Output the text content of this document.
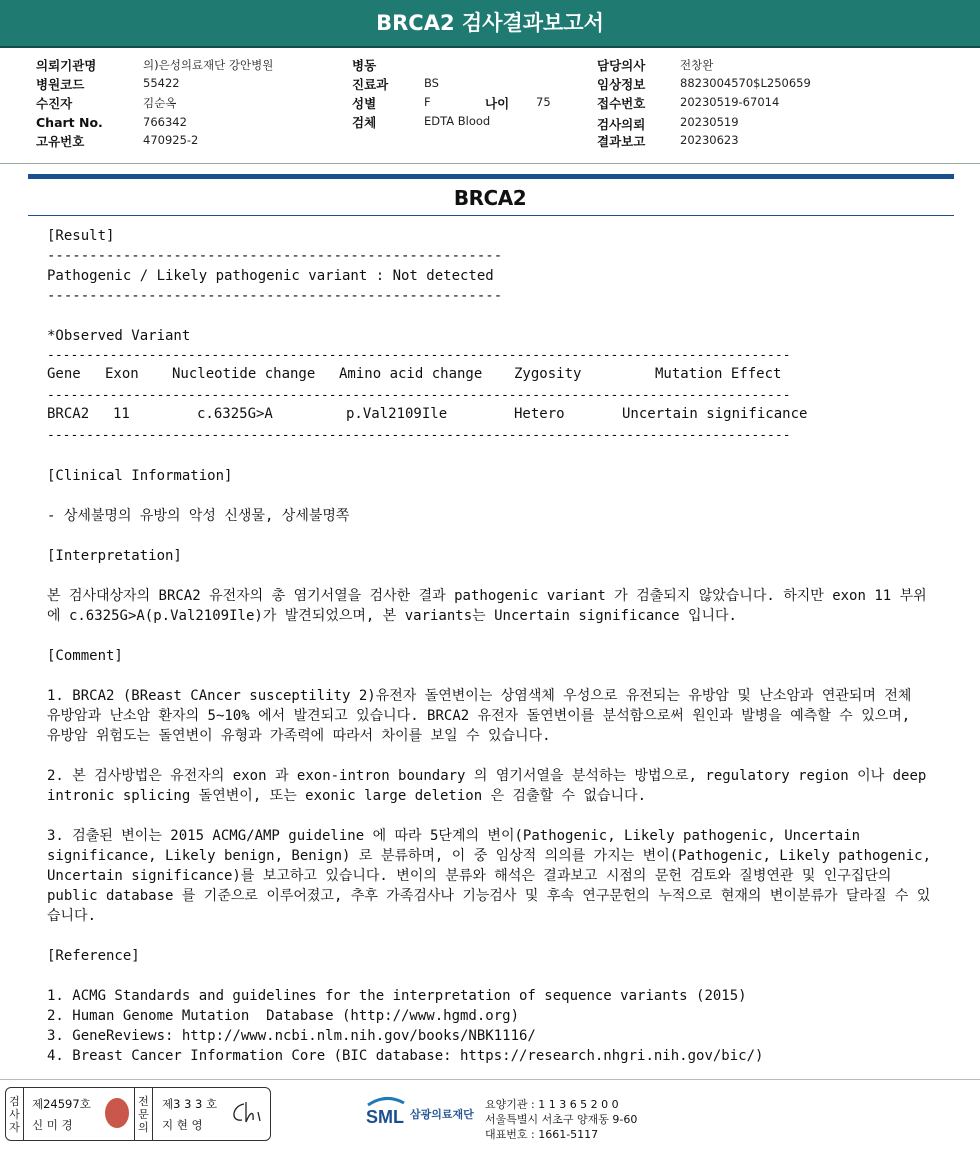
BRCA2 검사결과보고서
의뢰기관명	의)은성의료재단 강안병원
병원코드	55422
수진자	김순옥
Chart No.	766342
고유번호	470925-2
병동
진료과	BS
성별	F
검체	EDTA Blood
나이 75
담당의사	전창완
임상정보	8823004570$L250659
접수번호	20230519-67014
검사의뢰	20230519
결과보고	20230623
BRCA2
[Result]
------------------------------------------------------
Pathogenic / Likely pathogenic variant : Not detected
------------------------------------------------------
*Observed Variant
-----------------------------------------------------------------------------------------------
Gene Exon Nucleotide change Amino acid change Zygosity	Mutation Effect
-----------------------------------------------------------------------------------------------
BRCA2 11	c.6325G>A	p.Val2109Ile	Hetero	Uncertain significance
-----------------------------------------------------------------------------------------------
[Clinical Information]
- 상세불명의 유방의 악성 신생물, 상세불명쪽
[Interpretation]
본 검사대상자의 BRCA2 유전자의 총 염기서열을 검사한 결과 pathogenic variant 가 검출되지 않았습니다. 하지만 exon 11 부위에 c.6325G>A(p.Val2109Ile)가 발견되었으며, 본 variants는 Uncertain significance 입니다.
[Comment]
1. BRCA2 (BReast CAncer susceptility 2)유전자 돌연변이는 상염색체 우성으로 유전되는 유방암 및 난소암과 연관되며 전체 유방암과 난소암 환자의 5~10% 에서 발견되고 있습니다. BRCA2 유전자 돌연변이를 분석함으로써 원인과 발병을 예측할 수 있으며, 유방암 위험도는 돌연변이 유형과 가족력에 따라서 차이를 보일 수 있습니다.
2. 본 검사방법은 유전자의 exon 과 exon-intron boundary 의 염기서열을 분석하는 방법으로, regulatory region 이나 deep intronic splicing 돌연변이, 또는 exonic large deletion 은 검출할 수 없습니다.
3. 검출된 변이는 2015 ACMG/AMP guideline 에 따라 5단계의 변이(Pathogenic, Likely pathogenic, Uncertain significance, Likely benign, Benign) 로 분류하며, 이 중 임상적 의의를 가지는 변이(Pathogenic, Likely pathogenic, Uncertain significance)를 보고하고 있습니다. 변이의 분류와 해석은 결과보고 시점의 문헌 검토와 질병연관 및 인구집단의 public database 를 기준으로 이루어졌고, 추후 가족검사나 기능검사 및 후속 연구문헌의 누적으로 현재의 변이분류가 달라질 수 있습니다.
[Reference]
1. ACMG Standards and guidelines for the interpretation of sequence variants (2015)
2. Human Genome Mutation  Database (http://www.hgmd.org)
3. GeneReviews: http://www.ncbi.nlm.nih.gov/books/NBK1116/
4. Breast Cancer Information Core (BIC database: https://research.nhgri.nih.gov/bic/)
검
사
자
제24597호
신 미 경
전
문
의
제3 3 3 호
지 현 영	SML 삼광의료재단
요양기관 : 1 1 3 6 5 2 0 0
서울특별시 서초구 양재동 9-60
대표번호 : 1661-5117
